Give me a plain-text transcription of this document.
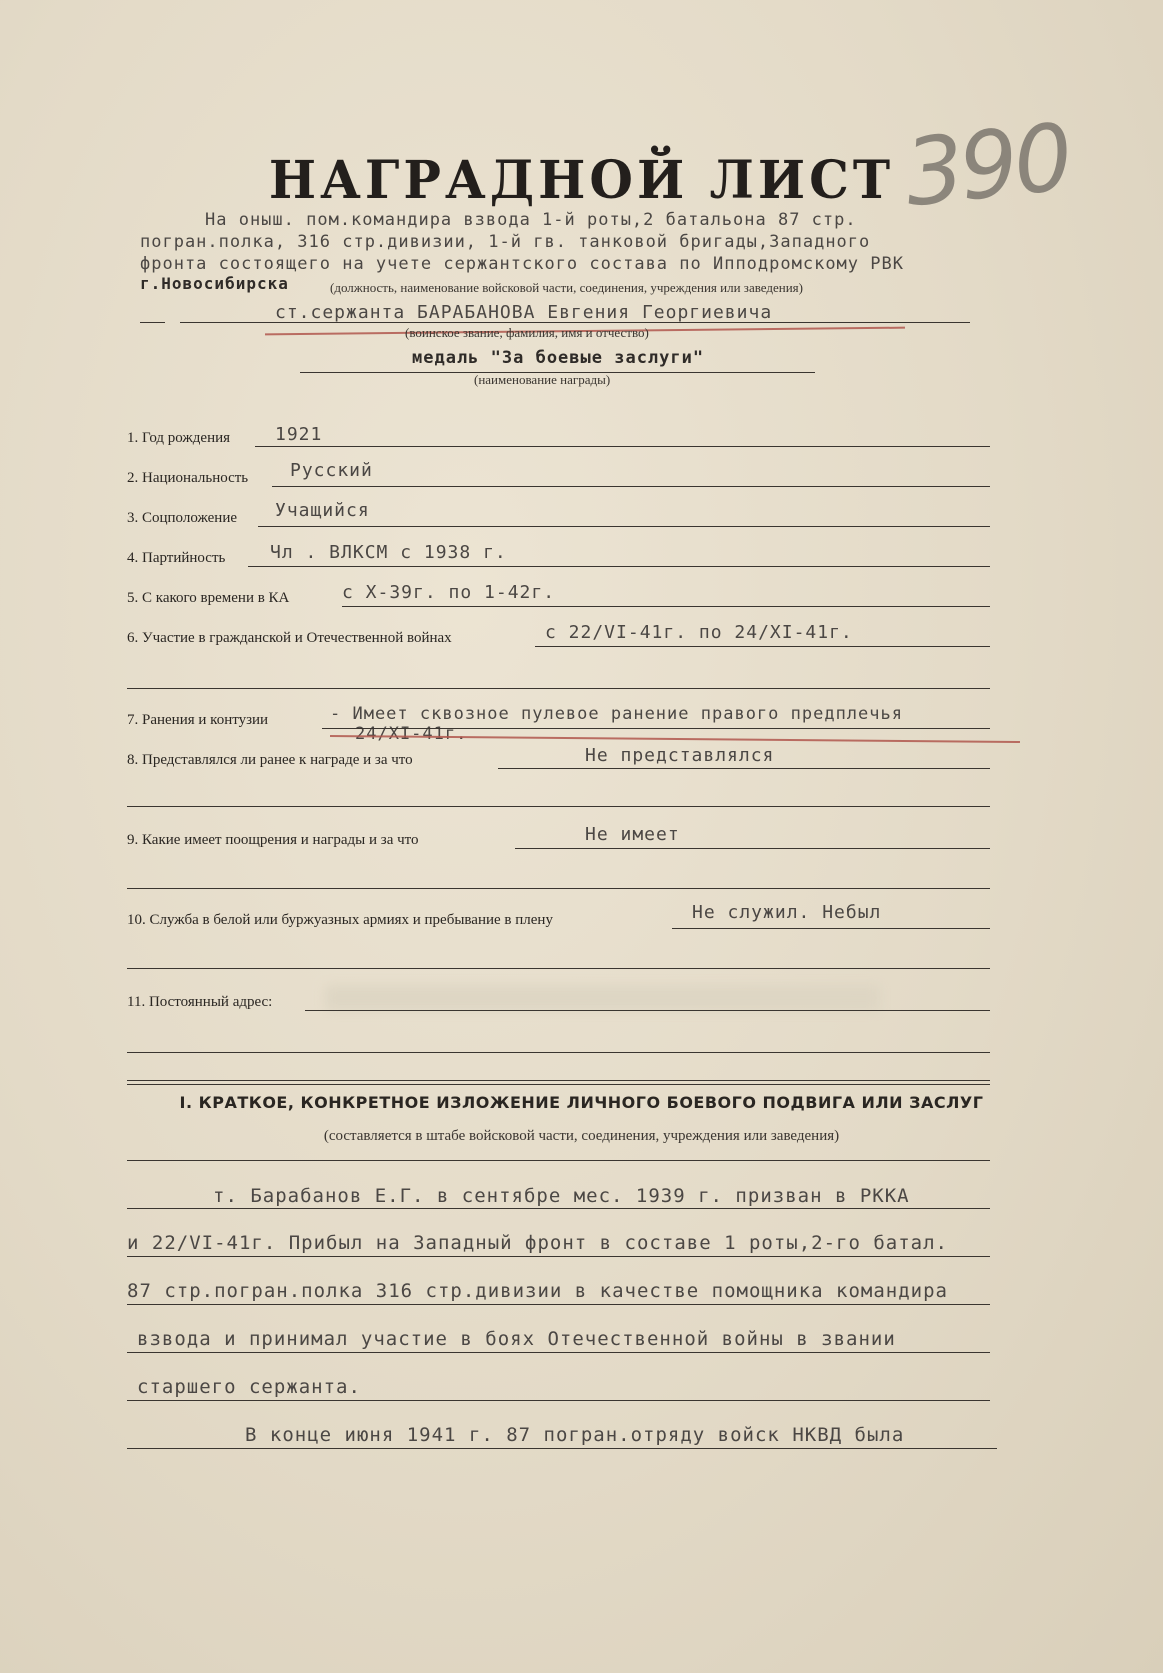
390
НАГРАДНОЙ ЛИСТ
На оныш. пом.командира взвода 1-й роты,2 батальона 87 стр.
погран.полка, 316 стр.дивизии, 1-й гв. танковой бригады,Западного
фронта состоящего на учете сержантского состава по Ипподромскому РВК
г.Новосибирска	(должность, наименование войсковой части, соединения, учреждения или заведения)
ст.сержанта БАРАБАНОВА Евгения Георгиевича
(воинское звание, фамилия, имя и отчество)
медаль "За боевые заслуги"
(наименование награды)
1. Год рождения 1921
2. Национальность Русский
3. Соцположение Учащийся
4. Партийность Чл . ВЛКСМ с 1938 г.
5. С какого времени в КА	с X-39г. по 1-42г.
6. Участие в гражданской и Отечественной войнах	с 22/VI-41г. по 24/XI-41г.
7. Ранения и контузии	- Имеет сквозное пулевое ранение правого предплечья
24/XI-41г.
8. Представлялся ли ранее к награде и за что	Не представлялся
9. Какие имеет поощрения и награды и за что	Не имеет
10. Служба в белой или буржуазных армиях и пребывание в плену	Не служил. Небыл
11. Постоянный адрес:
I. КРАТКОЕ, КОНКРЕТНОЕ ИЗЛОЖЕНИЕ ЛИЧНОГО БОЕВОГО ПОДВИГА ИЛИ ЗАСЛУГ
(составляется в штабе войсковой части, соединения, учреждения или заведения)
т. Барабанов Е.Г. в сентябре мес. 1939 г. призван в РККА
и 22/VI-41г. Прибыл на Западный фронт в составе 1 роты,2-го батал.
87 стр.погран.полка 316 стр.дивизии в качестве помощника командира
взвода и принимал участие в боях Отечественной войны в звании
старшего сержанта.
В конце июня 1941 г. 87 погран.отряду войск НКВД была
